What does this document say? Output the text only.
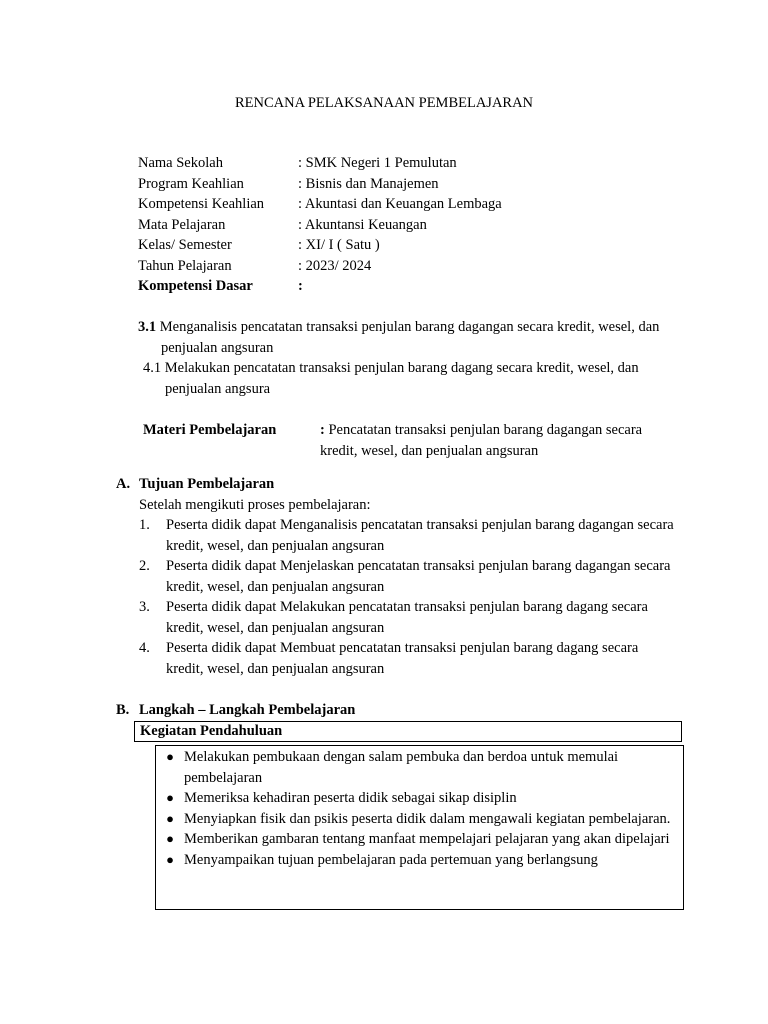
RENCANA PELAKSANAAN PEMBELAJARAN
Nama Sekolah	: SMK Negeri 1 Pemulutan
Program Keahlian	: Bisnis dan Manajemen
Kompetensi Keahlian	: Akuntasi dan Keuangan Lembaga
Mata Pelajaran	: Akuntansi Keuangan
Kelas/ Semester	: XI/ I ( Satu )
Tahun Pelajaran	: 2023/ 2024
Kompetensi Dasar	:

3.1 Menganalisis pencatatan transaksi penjulan barang dagangan secara kredit, wesel, dan penjualan angsuran

4.1 Melakukan pencatatan transaksi penjulan barang dagang secara kredit, wesel, dan penjualan angsura

Materi Pembelajaran	: Pencatatan transaksi penjulan barang dagangan secara kredit, wesel, dan penjualan angsuran
A. Tujuan Pembelajaran
Setelah mengikuti proses pembelajaran:
1.	Peserta didik dapat Menganalisis pencatatan transaksi penjulan barang dagangan secara kredit, wesel, dan penjualan angsuran
2.	Peserta didik dapat Menjelaskan pencatatan transaksi penjulan barang dagangan secara kredit, wesel, dan penjualan angsuran
3.	Peserta didik dapat Melakukan pencatatan transaksi penjulan barang dagang secara kredit, wesel, dan penjualan angsuran
4.	Peserta didik dapat Membuat pencatatan transaksi penjulan barang dagang secara kredit, wesel, dan penjualan angsuran
B. Langkah – Langkah Pembelajaran
Kegiatan Pendahuluan
● Melakukan pembukaan dengan salam pembuka dan berdoa untuk memulai pembelajaran
● Memeriksa kehadiran peserta didik sebagai sikap disiplin
● Menyiapkan fisik dan psikis peserta didik dalam mengawali kegiatan pembelajaran.
● Memberikan gambaran tentang manfaat mempelajari pelajaran yang akan dipelajari
● Menyampaikan tujuan pembelajaran pada pertemuan yang berlangsung
